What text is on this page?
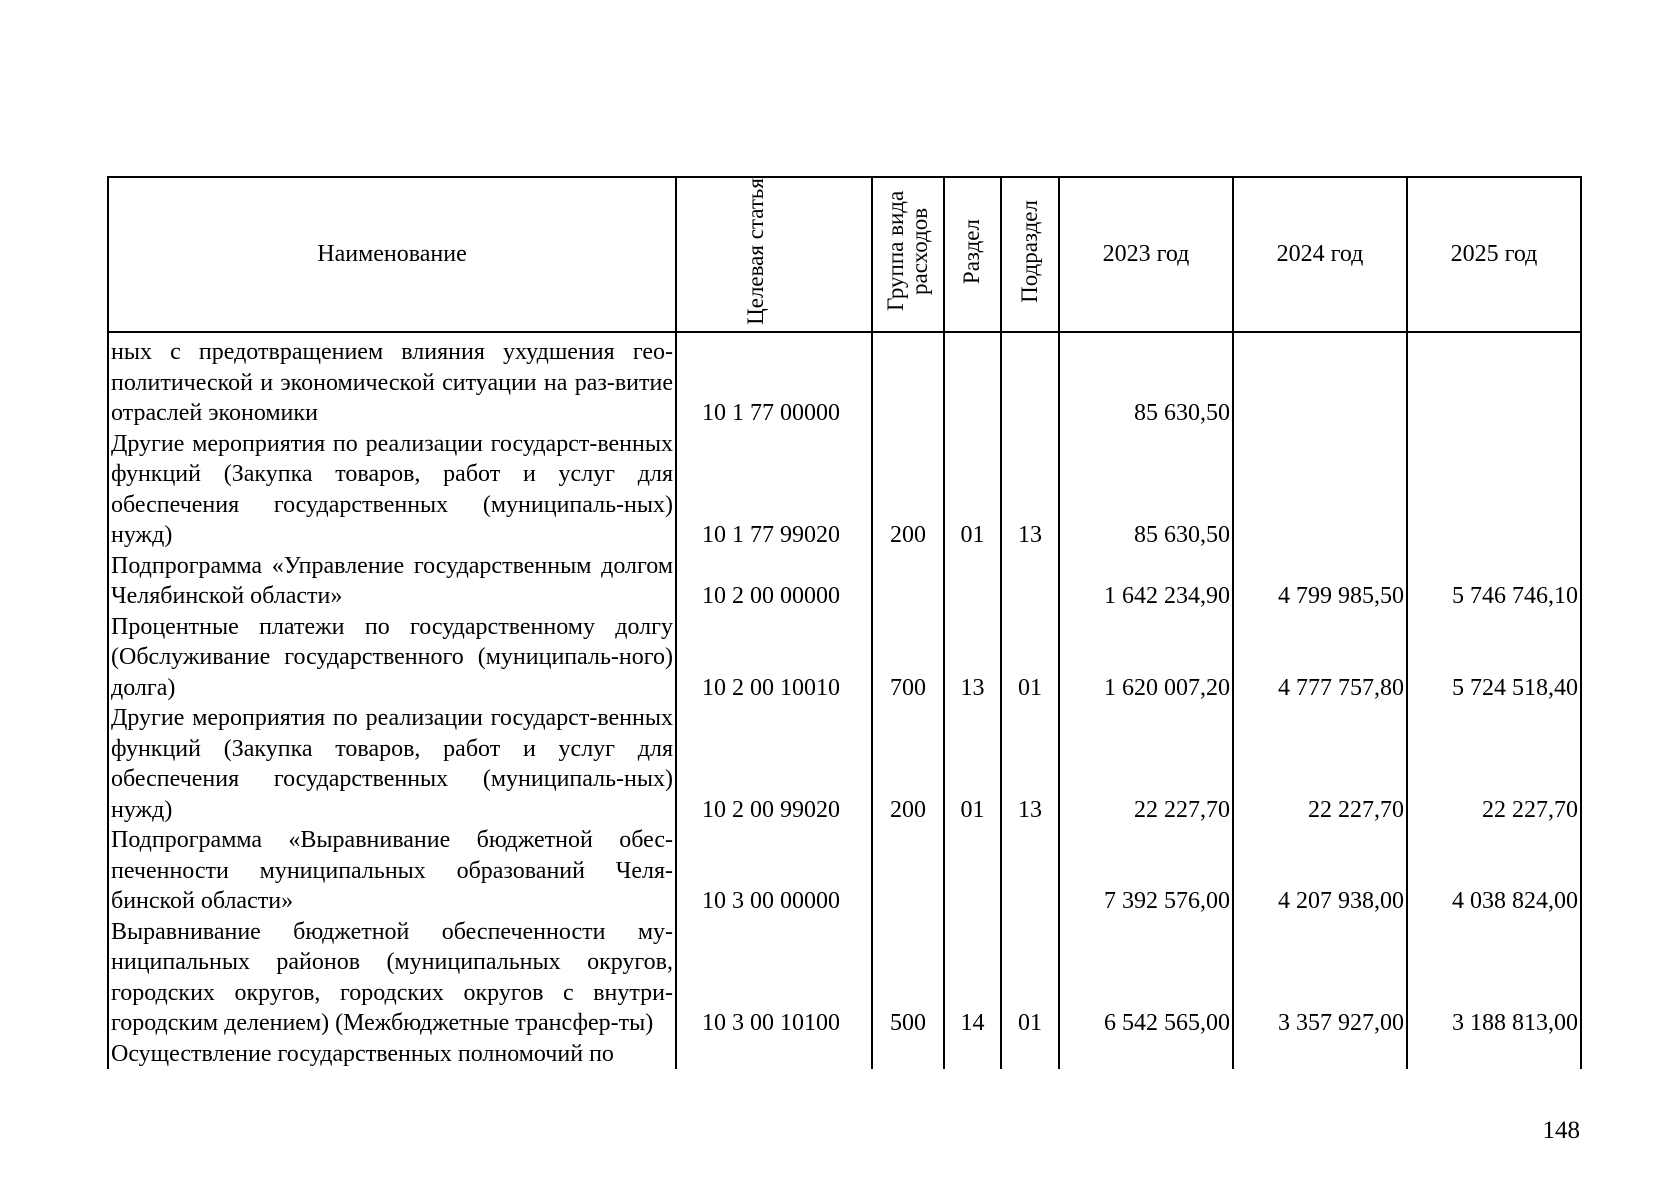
Наименование	Целевая статья	Группа вида расходов	Раздел	Подраздел	2023 год	2024 год	2025 год
ных с предотвращением влияния ухудшения гео-политической и экономической ситуации на раз-витие отраслей экономики	10 1 77 00000				85 630,50		
Другие мероприятия по реализации государст-венных функций (Закупка товаров, работ и услуг для обеспечения государственных (муниципаль-ных) нужд)	10 1 77 99020	200	01	13	85 630,50		
Подпрограмма «Управление государственным долгом Челябинской области»	10 2 00 00000				1 642 234,90	4 799 985,50	5 746 746,10
Процентные платежи по государственному долгу (Обслуживание государственного (муниципаль-ного) долга)	10 2 00 10010	700	13	01	1 620 007,20	4 777 757,80	5 724 518,40
Другие мероприятия по реализации государст-венных функций (Закупка товаров, работ и услуг для обеспечения государственных (муниципаль-ных) нужд)	10 2 00 99020	200	01	13	22 227,70	22 227,70	22 227,70
Подпрограмма «Выравнивание бюджетной обес-печенности муниципальных образований Челя-бинской области»	10 3 00 00000				7 392 576,00	4 207 938,00	4 038 824,00
Выравнивание бюджетной обеспеченности му-ниципальных районов (муниципальных округов, городских округов, городских округов с внутри-городским делением) (Межбюджетные трансфер-ты)	10 3 00 10100	500	14	01	6 542 565,00	3 357 927,00	3 188 813,00
Осуществление государственных полномочий по							
148
